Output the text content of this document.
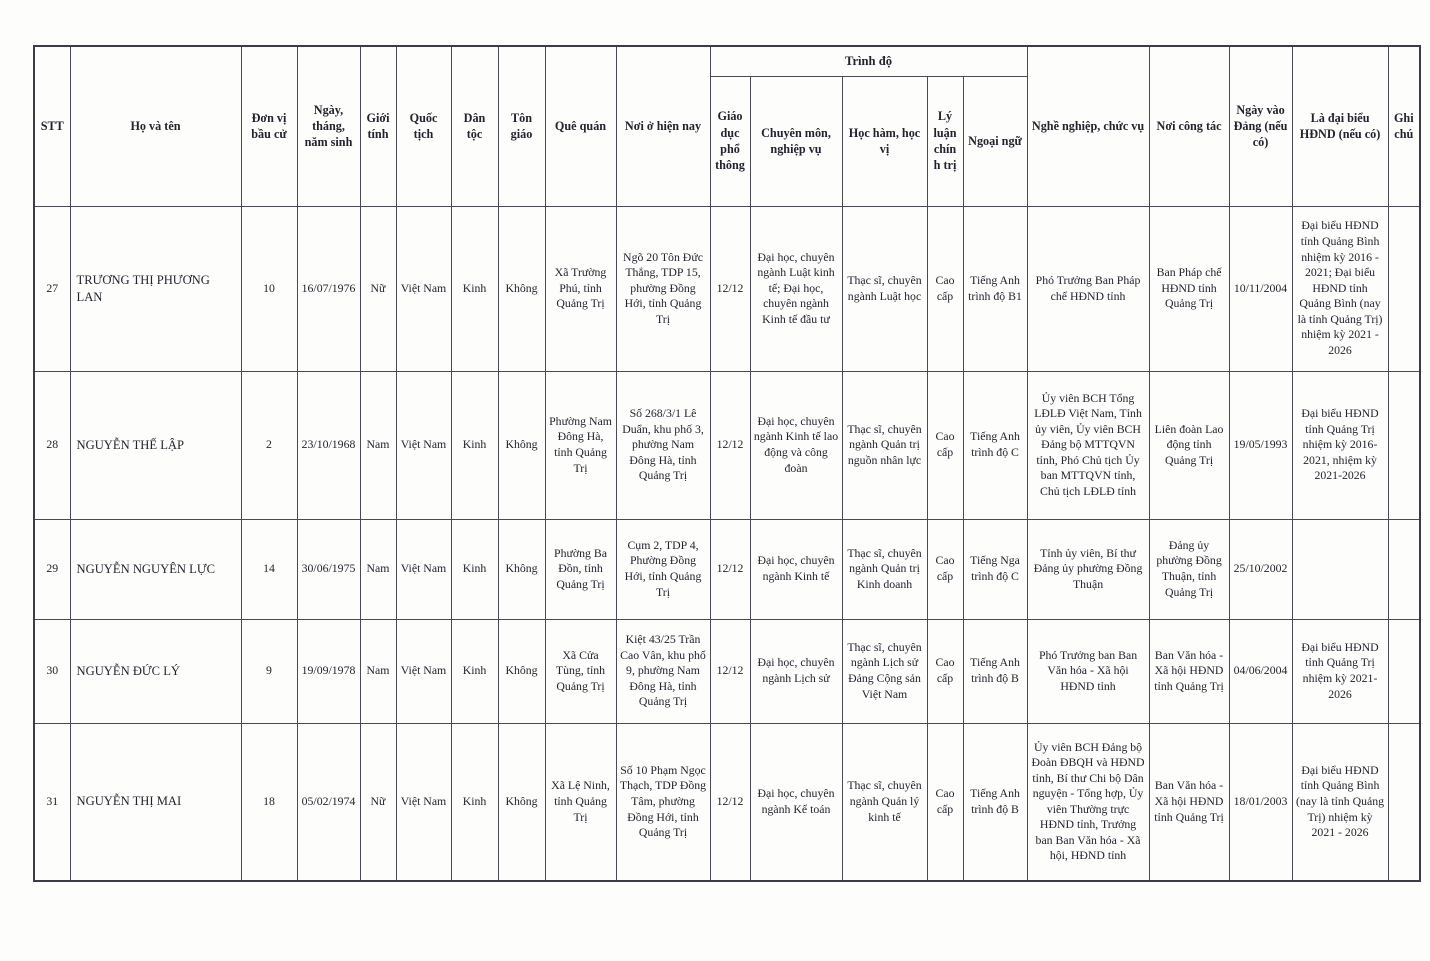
STT	Họ và tên	Đơn vị bầu cử	Ngày, tháng, năm sinh	Giới tính	Quốc tịch	Dân tộc	Tôn giáo	Quê quán	Nơi ở hiện nay	Trình độ					Nghề nghiệp, chức vụ	Nơi công tác	Ngày vào Đảng (nếu có)	Là đại biểu HĐND (nếu có)	Ghi chú
										Giáo dục phổ thông	Chuyên môn, nghiệp vụ	Học hàm, học vị	Lý luận chính trị	Ngoại ngữ					
27	TRƯƠNG THỊ PHƯƠNG LAN	10	16/07/1976	Nữ	Việt Nam	Kinh	Không	Xã Trường Phú, tỉnh Quảng Trị	Ngõ 20 Tôn Đức Thắng, TDP 15, phường Đồng Hới, tỉnh Quảng Trị	12/12	Đại học, chuyên ngành Luật kinh tế; Đại học, chuyên ngành Kinh tế đầu tư	Thạc sĩ, chuyên ngành Luật học	Cao cấp	Tiếng Anh trình độ B1	Phó Trưởng Ban Pháp chế HĐND tỉnh	Ban Pháp chế HĐND tỉnh Quảng Trị	10/11/2004	Đại biểu HĐND tỉnh Quảng Bình nhiệm kỳ 2016 - 2021; Đại biểu HĐND tỉnh Quảng Bình (nay là tỉnh Quảng Trị) nhiệm kỳ 2021 - 2026	
28	NGUYỄN THẾ LẬP	2	23/10/1968	Nam	Việt Nam	Kinh	Không	Phường Nam Đông Hà, tỉnh Quảng Trị	Số 268/3/1 Lê Duẩn, khu phố 3, phường Nam Đông Hà, tỉnh Quảng Trị	12/12	Đại học, chuyên ngành Kinh tế lao động và công đoàn	Thạc sĩ, chuyên ngành Quản trị nguồn nhân lực	Cao cấp	Tiếng Anh trình độ C	Ủy viên BCH Tổng LĐLĐ Việt Nam, Tỉnh ủy viên, Ủy viên BCH Đảng bộ MTTQVN tỉnh, Phó Chủ tịch Ủy ban MTTQVN tỉnh, Chủ tịch LĐLĐ tỉnh	Liên đoàn Lao động tỉnh Quảng Trị	19/05/1993	Đại biểu HĐND tỉnh Quảng Trị nhiệm kỳ 2016-2021, nhiệm kỳ 2021-2026	
29	NGUYỄN NGUYÊN LỰC	14	30/06/1975	Nam	Việt Nam	Kinh	Không	Phường Ba Đồn, tỉnh Quảng Trị	Cụm 2, TDP 4, Phường Đồng Hới, tỉnh Quảng Trị	12/12	Đại học, chuyên ngành Kinh tế	Thạc sĩ, chuyên ngành Quản trị Kinh doanh	Cao cấp	Tiếng Nga trình độ C	Tỉnh ủy viên, Bí thư Đảng ủy phường Đồng Thuận	Đảng ủy phường Đồng Thuận, tỉnh Quảng Trị	25/10/2002		
30	NGUYỄN ĐỨC LÝ	9	19/09/1978	Nam	Việt Nam	Kinh	Không	Xã Cửa Tùng, tỉnh Quảng Trị	Kiệt 43/25 Trần Cao Vân, khu phố 9, phường Nam Đông Hà, tỉnh Quảng Trị	12/12	Đại học, chuyên ngành Lịch sử	Thạc sĩ, chuyên ngành Lịch sử Đảng Cộng sản Việt Nam	Cao cấp	Tiếng Anh trình độ B	Phó Trưởng ban Ban Văn hóa - Xã hội HĐND tỉnh	Ban Văn hóa - Xã hội HĐND tỉnh Quảng Trị	04/06/2004	Đại biểu HĐND tỉnh Quảng Trị nhiệm kỳ 2021-2026	
31	NGUYỄN THỊ MAI	18	05/02/1974	Nữ	Việt Nam	Kinh	Không	Xã Lệ Ninh, tỉnh Quảng Trị	Số 10 Phạm Ngọc Thạch, TDP Đồng Tâm, phường Đồng Hới, tỉnh Quảng Trị	12/12	Đại học, chuyên ngành Kế toán	Thạc sĩ, chuyên ngành Quản lý kinh tế	Cao cấp	Tiếng Anh trình độ B	Ủy viên BCH Đảng bộ Đoàn ĐBQH và HĐND tỉnh, Bí thư Chi bộ Dân nguyện - Tổng hợp, Ủy viên Thường trực HĐND tỉnh, Trưởng ban Ban Văn hóa - Xã hội, HĐND tỉnh	Ban Văn hóa - Xã hội HĐND tỉnh Quảng Trị	18/01/2003	Đại biểu HĐND tỉnh Quảng Bình (nay là tỉnh Quảng Trị) nhiệm kỳ 2021 - 2026	
